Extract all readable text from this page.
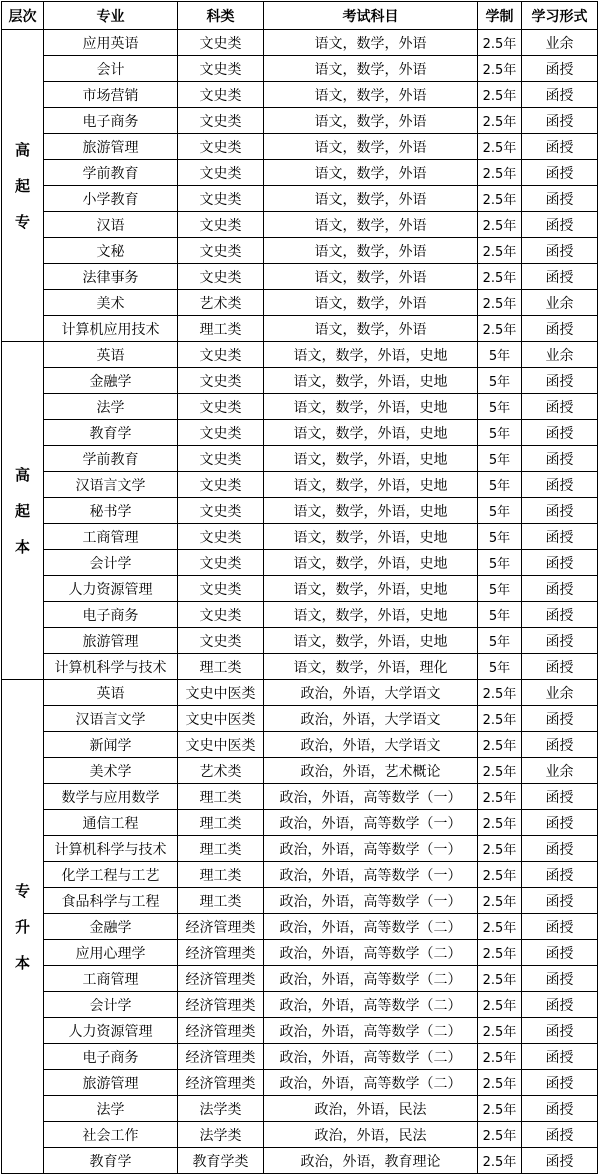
层次	专业	科类	考试科目	学制	学习形式

高
起
专	应用英语	文史类	语文，数学，外语	2.5年	业余
	会计	文史类	语文，数学，外语	2.5年	函授
	市场营销	文史类	语文，数学，外语	2.5年	函授
	电子商务	文史类	语文，数学，外语	2.5年	函授
	旅游管理	文史类	语文，数学，外语	2.5年	函授
	学前教育	文史类	语文，数学，外语	2.5年	函授
	小学教育	文史类	语文，数学，外语	2.5年	函授
	汉语	文史类	语文，数学，外语	2.5年	函授
	文秘	文史类	语文，数学，外语	2.5年	函授
	法律事务	文史类	语文，数学，外语	2.5年	函授
	美术	艺术类	语文，数学，外语	2.5年	业余
	计算机应用技术	理工类	语文，数学，外语	2.5年	函授

高
起
本	英语	文史类	语文，数学，外语，史地	5年	业余
	金融学	文史类	语文，数学，外语，史地	5年	函授
	法学	文史类	语文，数学，外语，史地	5年	函授
	教育学	文史类	语文，数学，外语，史地	5年	函授
	学前教育	文史类	语文，数学，外语，史地	5年	函授
	汉语言文学	文史类	语文，数学，外语，史地	5年	函授
	秘书学	文史类	语文，数学，外语，史地	5年	函授
	工商管理	文史类	语文，数学，外语，史地	5年	函授
	会计学	文史类	语文，数学，外语，史地	5年	函授
	人力资源管理	文史类	语文，数学，外语，史地	5年	函授
	电子商务	文史类	语文，数学，外语，史地	5年	函授
	旅游管理	文史类	语文，数学，外语，史地	5年	函授
	计算机科学与技术	理工类	语文，数学，外语，理化	5年	函授

专
升
本	英语	文史中医类	政治，外语，大学语文	2.5年	业余
	汉语言文学	文史中医类	政治，外语，大学语文	2.5年	函授
	新闻学	文史中医类	政治，外语，大学语文	2.5年	函授
	美术学	艺术类	政治，外语，艺术概论	2.5年	业余
	数学与应用数学	理工类	政治，外语，高等数学（一）	2.5年	函授
	通信工程	理工类	政治，外语，高等数学（一）	2.5年	函授
	计算机科学与技术	理工类	政治，外语，高等数学（一）	2.5年	函授
	化学工程与工艺	理工类	政治，外语，高等数学（一）	2.5年	函授
	食品科学与工程	理工类	政治，外语，高等数学（一）	2.5年	函授
	金融学	经济管理类	政治，外语，高等数学（二）	2.5年	函授
	应用心理学	经济管理类	政治，外语，高等数学（二）	2.5年	函授
	工商管理	经济管理类	政治，外语，高等数学（二）	2.5年	函授
	会计学	经济管理类	政治，外语，高等数学（二）	2.5年	函授
	人力资源管理	经济管理类	政治，外语，高等数学（二）	2.5年	函授
	电子商务	经济管理类	政治，外语，高等数学（二）	2.5年	函授
	旅游管理	经济管理类	政治，外语，高等数学（二）	2.5年	函授
	法学	法学类	政治，外语，民法	2.5年	函授
	社会工作	法学类	政治，外语，民法	2.5年	函授
	教育学	教育学类	政治，外语，教育理论	2.5年	函授
